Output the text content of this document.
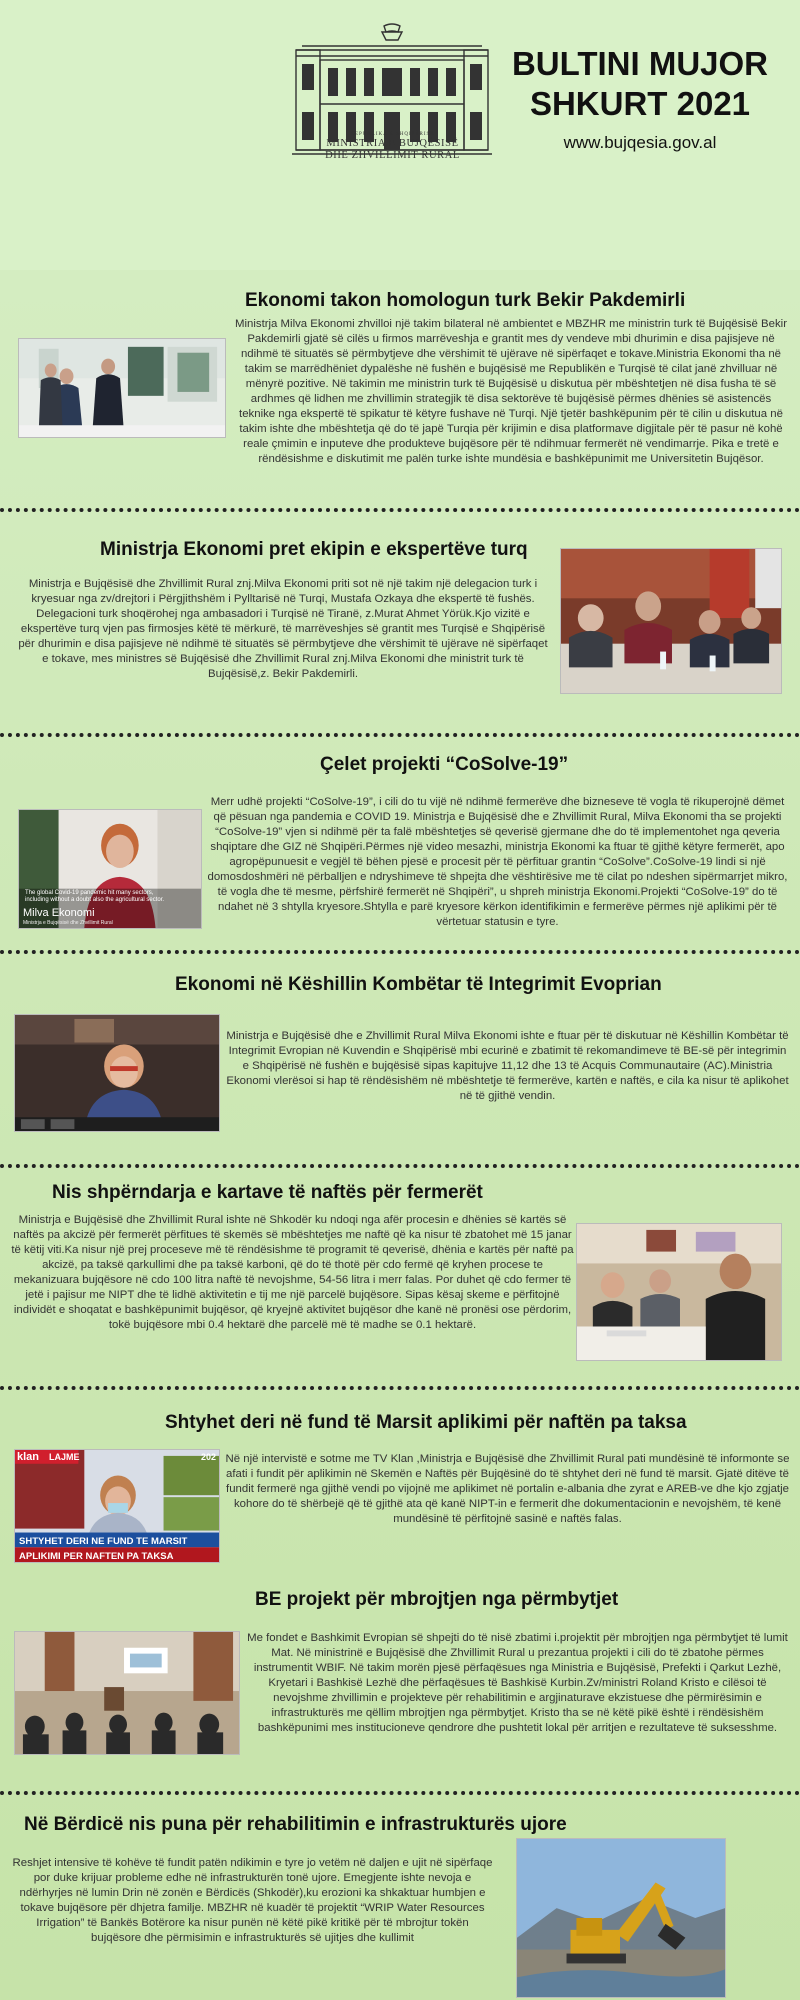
REPUBLIKA E SHQIPËRISË
MINISTRIA E BUJQËSISË
DHE ZHVILLIMIT RURAL
BULTINI MUJOR
SHKURT 2021
www.bujqesia.gov.al
Ekonomi takon homologun turk Bekir Pakdemirli

Ministrja Milva Ekonomi zhvilloi një takim bilateral në ambientet e MBZHR me ministrin turk të Bujqësisë Bekir Pakdemirli gjatë së cilës u firmos marrëveshja e grantit mes dy vendeve mbi dhurimin e disa pajisjeve në ndihmë të situatës së përmbytjeve dhe vërshimit të ujërave në sipërfaqet e tokave.Ministria Ekonomi tha në takim se marrëdhëniet dypalëshe në fushën e bujqësisë me Republikën e Turqisë të cilat janë zhvilluar në mënyrë pozitive. Në takimin me ministrin turk të Bujqësisë u diskutua për mbështetjen në disa fusha të së ardhmes që lidhen me zhvillimin strategjik të disa sektorëve të bujqësisë përmes dhënies së asistencës teknike nga ekspertë të spikatur të këtyre fushave në Turqi. Një tjetër bashkëpunim për të cilin u diskutua në takim ishte dhe mbështetja që do të japë Turqia për krijimin e disa platformave digjitale për të pasur në kohë reale çmimin e inputeve dhe produkteve bujqësore për të ndihmuar fermerët në vendimarrje. Pika e tretë e rëndësishme e diskutimit me palën turke ishte mundësia e bashkëpunimit me Universitetin Bujqësor.

Ministrja Ekonomi pret ekipin e ekspertëve turq

Ministrja e Bujqësisë dhe Zhvillimit Rural znj.Milva Ekonomi priti sot në një takim një delegacion turk i kryesuar nga zv/drejtori i Përgjithshëm i Pylltarisë në Turqi, Mustafa Ozkaya dhe ekspertë të fushës. Delegacioni turk shoqërohej nga ambasadori i Turqisë në Tiranë, z.Murat Ahmet Yörük.Kjo vizitë e ekspertëve turq vjen pas firmosjes këtë të mërkurë, të marrëveshjes së grantit mes Turqisë e Shqipërisë për dhurimin e disa pajisjeve në ndihmë të situatës së përmbytjeve dhe vërshimit të ujërave në sipërfaqet e tokave, mes ministres së Bujqësisë dhe Zhvillimit Rural znj.Milva Ekonomi dhe ministrit turk të Bujqësisë,z. Bekir Pakdemirli.

Çelet projekti “CoSolve-19”
The global Covid-19 pandemic hit many sectors, including without a doubt also the agricultural sector.
Milva Ekonomi
Ministrja e Bujqësisë dhe Zhvillimit Rural

Merr udhë projekti “CoSolve-19”, i cili do tu vijë në ndihmë fermerëve dhe bizneseve të vogla të rikuperojnë dëmet që pësuan nga pandemia e COVID 19. Ministrja e Bujqësisë dhe e Zhvillimit Rural, Milva Ekonomi tha se projekti “CoSolve-19” vjen si ndihmë për ta falë mbështetjes së qeverisë gjermane dhe do të implementohet nga qeveria shqiptare dhe GIZ në Shqipëri.Përmes një video mesazhi, ministrja Ekonomi ka ftuar të gjithë këtyre fermerët, apo agropëpunuesit e vegjël të bëhen pjesë e procesit për të përfituar grantin “CoSolve”.CoSolve-19 lindi si një domosdoshmëri në përballjen e ndryshimeve të shpejta dhe vështirësive me të cilat po ndeshen sipërmarrjet mikro, të vogla dhe të mesme, përfshirë fermerët në Shqipëri”, u shpreh ministrja Ekonomi.Projekti “CoSolve-19” do të ndahet në 3 shtylla kryesore.Shtylla e parë kryesore kërkon identifikimin e fermerëve përmes një aplikimi për të vërtetuar statusin e tyre.

Ekonomi në Këshillin Kombëtar të Integrimit Evoprian

Ministrja e Bujqësisë dhe e Zhvillimit Rural Milva Ekonomi ishte e ftuar për të diskutuar në Këshillin Kombëtar të Integrimit Evropian në Kuvendin e Shqipërisë mbi ecurinë e zbatimit të rekomandimeve të BE-së për integrimin e Shqipërisë në fushën e bujqësisë sipas kapitujve 11,12 dhe 13 të Acquis Communautaire (AC).Ministria Ekonomi vlerësoi si hap të rëndësishëm në mbështetje të fermerëve, kartën e naftës, e cila ka nisur të aplikohet në të gjithë vendin.

Nis shpërndarja e kartave të naftës për fermerët

Ministrja e Bujqësisë dhe Zhvillimit Rural ishte në Shkodër ku ndoqi nga afër procesin e dhënies së kartës së naftës pa akcizë për fermerët përfitues të skemës së mbështetjes me naftë që ka nisur të zbatohet më 15 janar të këtij viti.Ka nisur një prej proceseve më të rëndësishme të programit të qeverisë, dhënia e kartës për naftë pa akcizë, pa taksë qarkullimi dhe pa taksë karboni, që do të thotë për cdo fermë që kryhen procese te mekanizuara bujqësore në cdo 100 litra naftë të nevojshme, 54-56 litra i merr falas. Por duhet që cdo fermer të jetë i pajisur me NIPT dhe të lidhë aktivitetin e tij me një parcelë bujqësore. Sipas kësaj skeme e përfitojnë individët e shoqatat e bashkëpunimit bujqësor, që kryejnë aktivitet bujqësor dhe kanë në pronësi ose përdorim, tokë bujqësore mbi 0.4 hektarë dhe parcelë më të madhe se 0.1 hektarë.

Shtyhet deri në fund të Marsit aplikimi për naftën pa taksa
klan LAJME	202
SHTYHET DERI NE FUND TE MARSIT
APLIKIMI PER NAFTEN PA TAKSA

Në një intervistë e sotme me TV Klan ,Ministrja e Bujqësisë dhe Zhvillimit Rural pati mundësinë të informonte se afati i fundit për aplikimin në Skemën e Naftës për Bujqësinë do të shtyhet deri në fund të marsit. Gjatë ditëve të fundit fermerë nga gjithë vendi po vijojnë me aplikimet në portalin e-albania dhe zyrat e AREB-ve dhe kjo zgjatje kohore do të shërbejë që të gjithë ata që kanë NIPT-in e fermerit dhe dokumentacionin e nevojshëm, të kenë mundësinë të përfitojnë sasinë e naftës falas.

BE projekt për mbrojtjen nga përmbytjet

Me fondet e Bashkimit Evropian së shpejti do të nisë zbatimi i.projektit për mbrojtjen nga përmbytjet të lumit Mat. Në ministrinë e Bujqësisë dhe Zhvillimit Rural u prezantua projekti i cili do të zbatohe përmes instrumentit WBIF. Në takim morën pjesë përfaqësues nga Ministria e Bujqësisë, Prefekti i Qarkut Lezhë, Kryetari i Bashkisë Lezhë dhe përfaqësues të Bashkisë Kurbin.Zv/ministri Roland Kristo e cilësoi të nevojshme zhvillimin e projekteve për rehabilitimin e argjinaturave ekzistuese dhe përmirësimin e infrastrukturës me qëllim mbrojtjen nga përmbytjet. Kristo tha se në këtë pikë është i rëndësishëm bashkëpunimi mes institucioneve qendrore dhe pushtetit lokal për arritjen e rezultateve të suksesshme.

Në Bërdicë nis puna për rehabilitimin e infrastrukturës ujore

Reshjet intensive të kohëve të fundit patën ndikimin e tyre jo vetëm në daljen e ujit në sipërfaqe por duke krijuar probleme edhe në infrastrukturën tonë ujore. Emegjente ishte nevoja e ndërhyrjes në lumin Drin në zonën e Bërdicës (Shkodër),ku erozioni ka shkaktuar humbjen e tokave bujqësore për dhjetra familje. MBZHR në kuadër të projektit “WRIP Water Resources Irrigation” të Bankës Botërore ka nisur punën në këtë pikë kritikë për të mbrojtur tokën bujqësore dhe përmisimin e infrastrukturës së ujitjes dhe kullimit
